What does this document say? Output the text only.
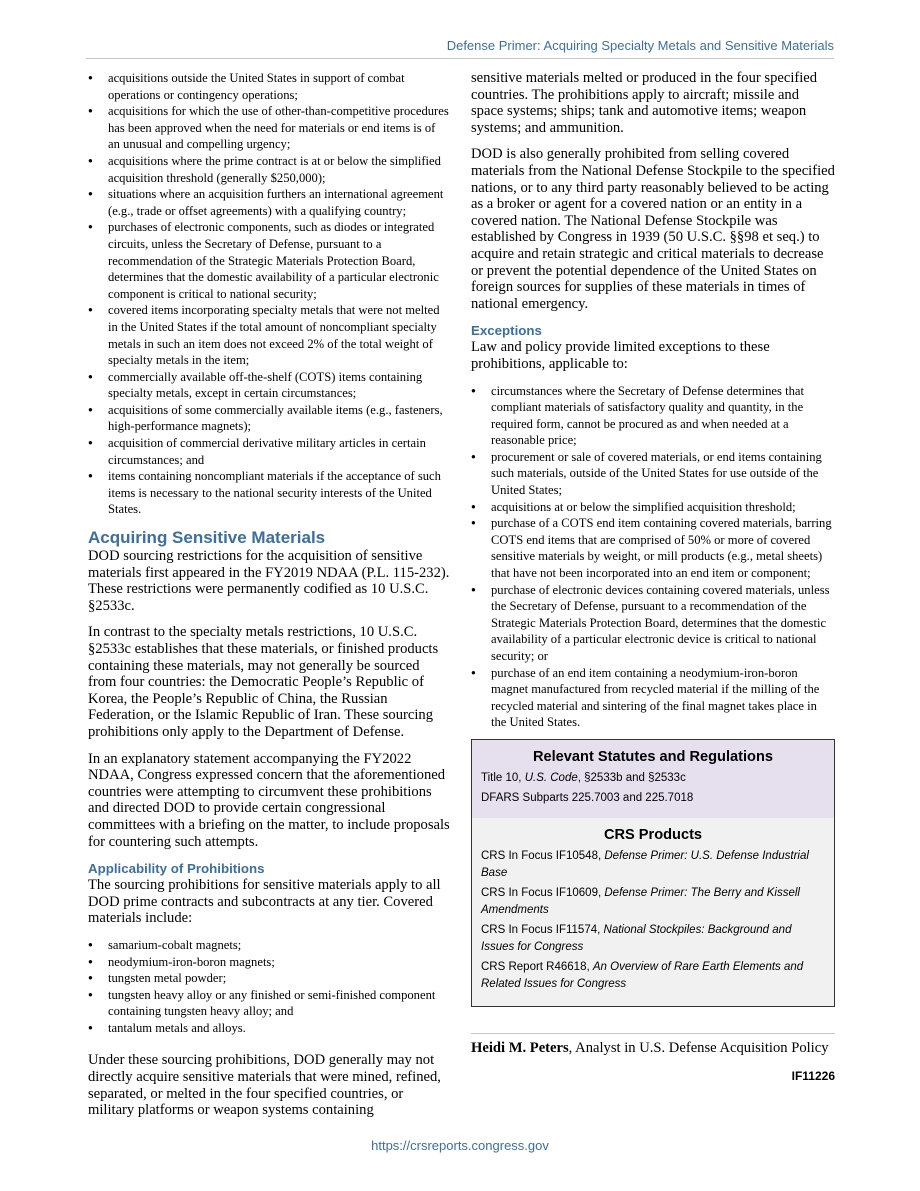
Defense Primer: Acquiring Specialty Metals and Sensitive Materials
● acquisitions outside the United States in support of combat operations or contingency operations;
● acquisitions for which the use of other-than-competitive procedures has been approved when the need for materials or end items is of an unusual and compelling urgency;
● acquisitions where the prime contract is at or below the simplified acquisition threshold (generally $250,000);
● situations where an acquisition furthers an international agreement (e.g., trade or offset agreements) with a qualifying country;
● purchases of electronic components, such as diodes or integrated circuits, unless the Secretary of Defense, pursuant to a recommendation of the Strategic Materials Protection Board, determines that the domestic availability of a particular electronic component is critical to national security;
● covered items incorporating specialty metals that were not melted in the United States if the total amount of noncompliant specialty metals in such an item does not exceed 2% of the total weight of specialty metals in the item;
● commercially available off-the-shelf (COTS) items containing specialty metals, except in certain circumstances;
● acquisitions of some commercially available items (e.g., fasteners, high-performance magnets);
● acquisition of commercial derivative military articles in certain circumstances; and
● items containing noncompliant materials if the acceptance of such items is necessary to the national security interests of the United States.
Acquiring Sensitive Materials

DOD sourcing restrictions for the acquisition of sensitive materials first appeared in the FY2019 NDAA (P.L. 115-232). These restrictions were permanently codified as 10 U.S.C. §2533c.

In contrast to the specialty metals restrictions, 10 U.S.C. §2533c establishes that these materials, or finished products containing these materials, may not generally be sourced from four countries: the Democratic People’s Republic of Korea, the People’s Republic of China, the Russian Federation, or the Islamic Republic of Iran. These sourcing prohibitions only apply to the Department of Defense.

In an explanatory statement accompanying the FY2022 NDAA, Congress expressed concern that the aforementioned countries were attempting to circumvent these prohibitions and directed DOD to provide certain congressional committees with a briefing on the matter, to include proposals for countering such attempts.

Applicability of Prohibitions

The sourcing prohibitions for sensitive materials apply to all DOD prime contracts and subcontracts at any tier. Covered materials include:

● samarium-cobalt magnets;
● neodymium-iron-boron magnets;
● tungsten metal powder;
● tungsten heavy alloy or any finished or semi-finished component containing tungsten heavy alloy; and
● tantalum metals and alloys.

Under these sourcing prohibitions, DOD generally may not directly acquire sensitive materials that were mined, refined, separated, or melted in the four specified countries, or military platforms or weapon systems containing

sensitive materials melted or produced in the four specified countries. The prohibitions apply to aircraft; missile and space systems; ships; tank and automotive items; weapon systems; and ammunition.

DOD is also generally prohibited from selling covered materials from the National Defense Stockpile to the specified nations, or to any third party reasonably believed to be acting as a broker or agent for a covered nation or an entity in a covered nation. The National Defense Stockpile was established by Congress in 1939 (50 U.S.C. §§98 et seq.) to acquire and retain strategic and critical materials to decrease or prevent the potential dependence of the United States on foreign sources for supplies of these materials in times of national emergency.

Exceptions

Law and policy provide limited exceptions to these prohibitions, applicable to:

● circumstances where the Secretary of Defense determines that compliant materials of satisfactory quality and quantity, in the required form, cannot be procured as and when needed at a reasonable price;
● procurement or sale of covered materials, or end items containing such materials, outside of the United States for use outside of the United States;
● acquisitions at or below the simplified acquisition threshold;
● purchase of a COTS end item containing covered materials, barring COTS end items that are comprised of 50% or more of covered sensitive materials by weight, or mill products (e.g., metal sheets) that have not been incorporated into an end item or component;
● purchase of electronic devices containing covered materials, unless the Secretary of Defense, pursuant to a recommendation of the Strategic Materials Protection Board, determines that the domestic availability of a particular electronic device is critical to national security; or
● purchase of an end item containing a neodymium-iron-boron magnet manufactured from recycled material if the milling of the recycled material and sintering of the final magnet takes place in the United States.
Relevant Statutes and Regulations
Title 10, U.S. Code, §2533b and §2533c
DFARS Subparts 225.7003 and 225.7018
CRS Products
CRS In Focus IF10548, Defense Primer: U.S. Defense Industrial Base
CRS In Focus IF10609, Defense Primer: The Berry and Kissell Amendments
CRS In Focus IF11574, National Stockpiles: Background and Issues for Congress
CRS Report R46618, An Overview of Rare Earth Elements and Related Issues for Congress

Heidi M. Peters, Analyst in U.S. Defense Acquisition Policy

IF11226
https://crsreports.congress.gov
